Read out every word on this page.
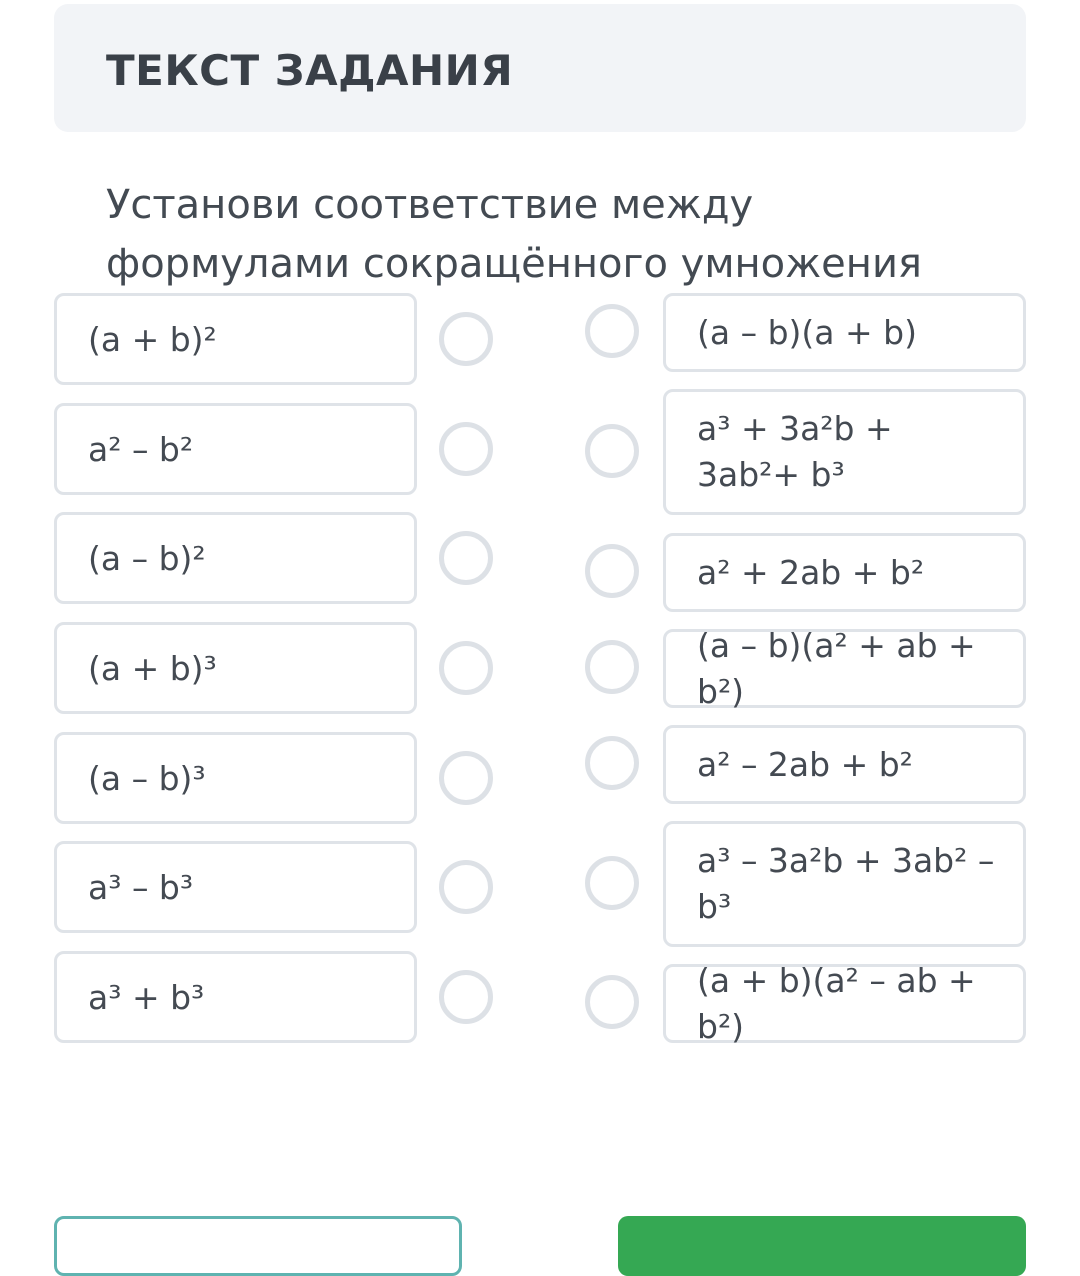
ТЕКСТ ЗАДАНИЯ
Установи соответствие между формулами сокращённого умножения
(a + b)²
a² – b²
(a – b)²
(a + b)³
(a – b)³
a³ – b³
a³ + b³
(a – b)(a + b)
a³ + 3a²b + 3ab²+ b³
a² + 2ab + b²
(a – b)(a² + ab + b²)
a² – 2ab + b²
a³ – 3a²b + 3ab² – b³
(a + b)(a² – ab + b²)
